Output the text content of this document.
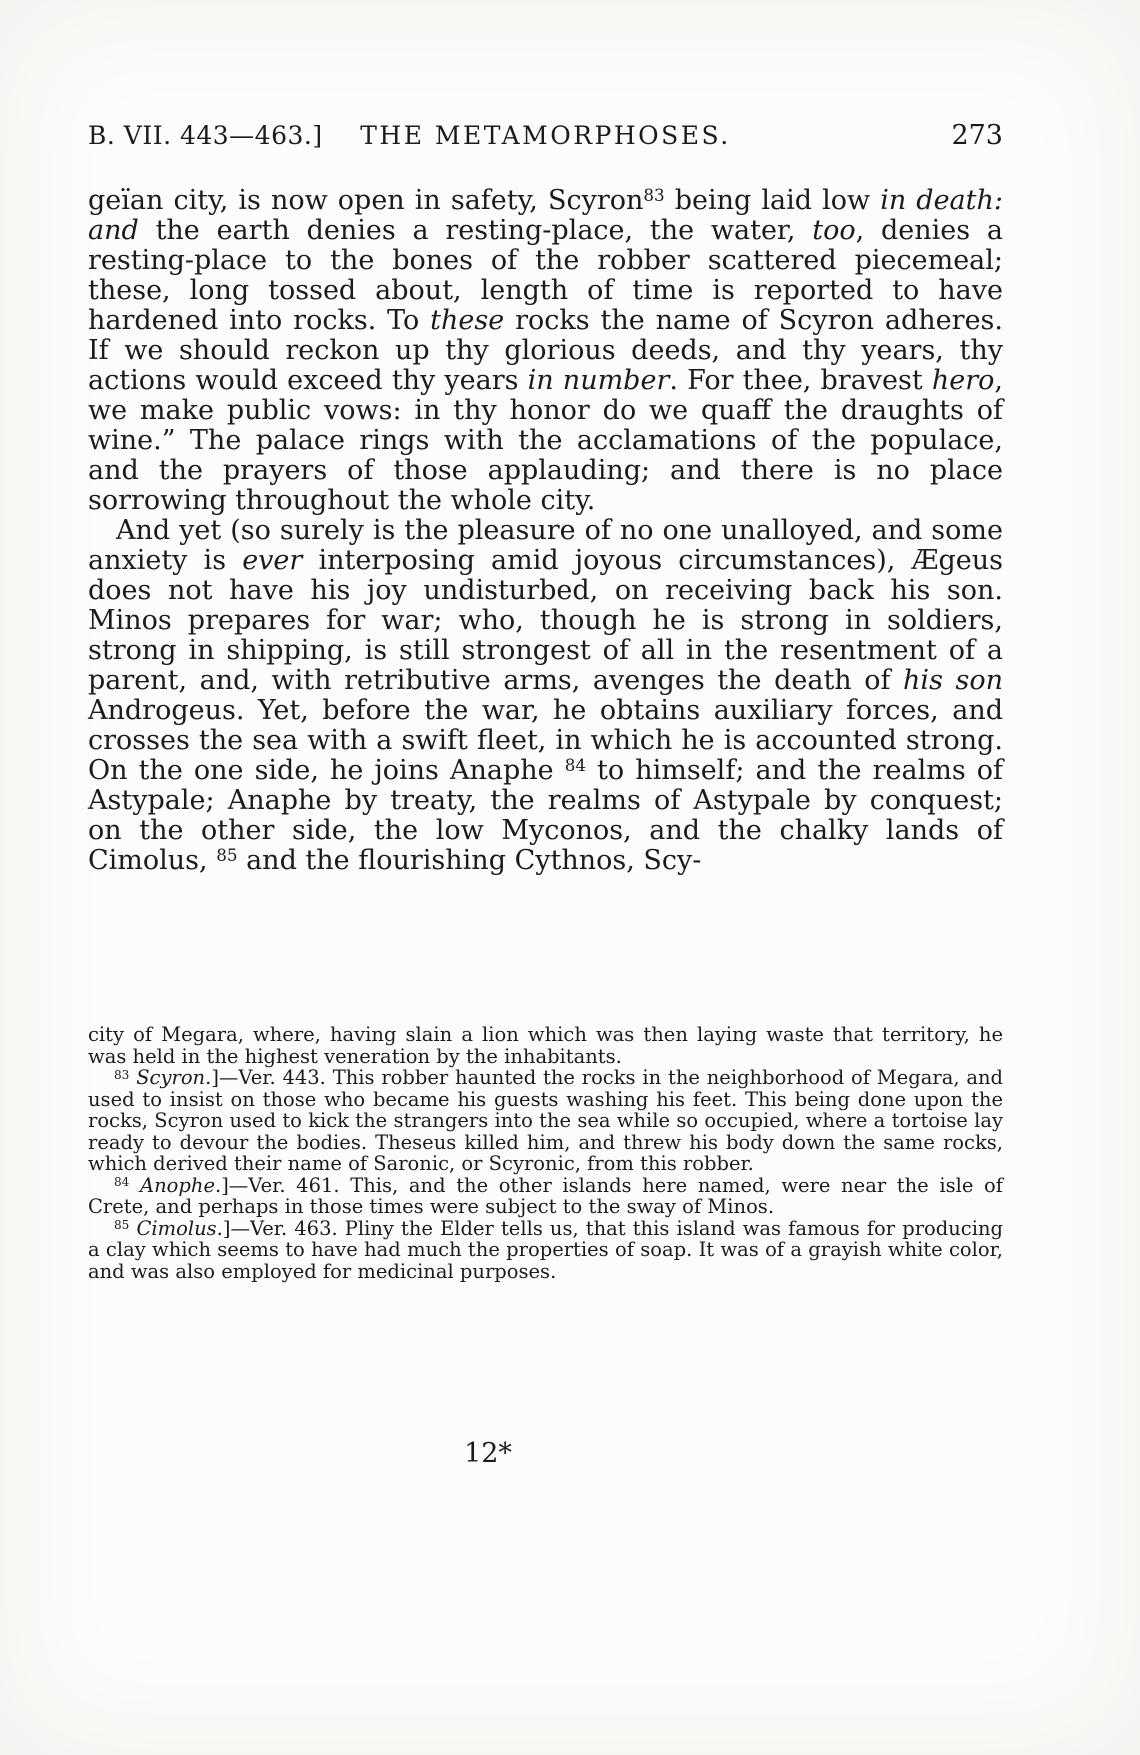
B. VII. 443—463.]	THE METAMORPHOSES.	273

geïan city, is now open in safety, Scyron$^{83}$ being laid low in death: and the earth denies a resting-place, the water, too, denies a resting-place to the bones of the robber scattered piecemeal; these, long tossed about, length of time is reported to have hardened into rocks. To these rocks the name of Scyron adheres. If we should reckon up thy glorious deeds, and thy years, thy actions would exceed thy years in number. For thee, bravest hero, we make public vows: in thy honor do we quaff the draughts of wine.” The palace rings with the acclamations of the populace, and the prayers of those applauding; and there is no place sorrowing throughout the whole city.

And yet (so surely is the pleasure of no one unalloyed, and some anxiety is ever interposing amid joyous circumstances), Ægeus does not have his joy undisturbed, on receiving back his son. Minos prepares for war; who, though he is strong in soldiers, strong in shipping, is still strongest of all in the resentment of a parent, and, with retributive arms, avenges the death of his son Androgeus. Yet, before the war, he obtains auxiliary forces, and crosses the sea with a swift fleet, in which he is accounted strong. On the one side, he joins Anaphe $^{84}$ to himself; and the realms of Astypale; Anaphe by treaty, the realms of Astypale by conquest; on the other side, the low Myconos, and the chalky lands of Cimolus, $^{85}$ and the flourishing Cythnos, Scy-

city of Megara, where, having slain a lion which was then laying waste that territory, he was held in the highest veneration by the inhabitants.

$^{83}$ Scyron.]—Ver. 443. This robber haunted the rocks in the neighborhood of Megara, and used to insist on those who became his guests washing his feet. This being done upon the rocks, Scyron used to kick the strangers into the sea while so occupied, where a tortoise lay ready to devour the bodies. Theseus killed him, and threw his body down the same rocks, which derived their name of Saronic, or Scyronic, from this robber.

$^{84}$ Anophe.]—Ver. 461. This, and the other islands here named, were near the isle of Crete, and perhaps in those times were subject to the sway of Minos.

$^{85}$ Cimolus.]—Ver. 463. Pliny the Elder tells us, that this island was famous for producing a clay which seems to have had much the properties of soap. It was of a grayish white color, and was also employed for medicinal purposes.

12*
